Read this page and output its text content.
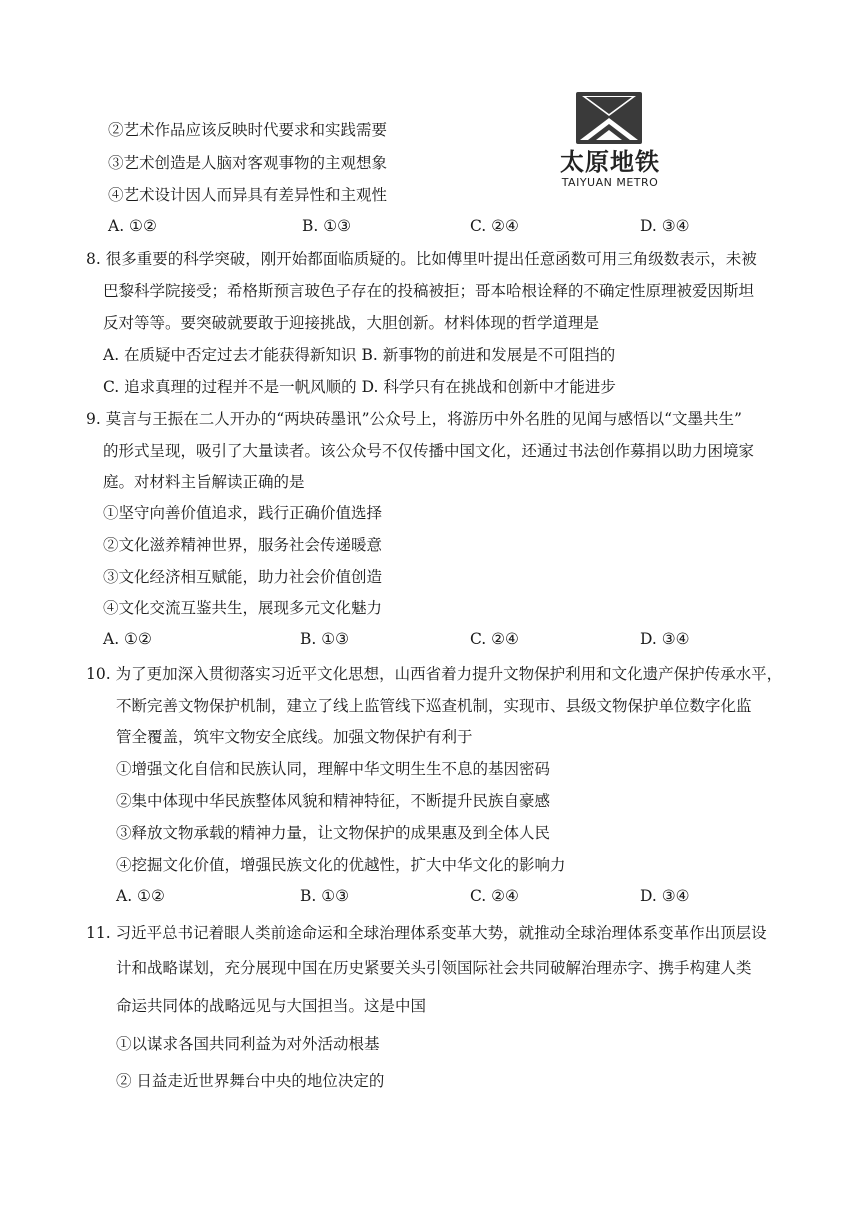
太原地铁
TAIYUAN METRO
②艺术作品应该反映时代要求和实践需要
③艺术创造是人脑对客观事物的主观想象
④艺术设计因人而异具有差异性和主观性
A. ①②	B. ①③	C. ②④	D. ③④
8. 很多重要的科学突破，刚开始都面临质疑的。比如傅里叶提出任意函数可用三角级数表示，未被
巴黎科学院接受；希格斯预言玻色子存在的投稿被拒；哥本哈根诠释的不确定性原理被爱因斯坦
反对等等。要突破就要敢于迎接挑战，大胆创新。材料体现的哲学道理是
A. 在质疑中否定过去才能获得新知识 B. 新事物的前进和发展是不可阻挡的
C. 追求真理的过程并不是一帆风顺的 D. 科学只有在挑战和创新中才能进步
9. 莫言与王振在二人开办的“两块砖墨讯”公众号上，将游历中外名胜的见闻与感悟以“文墨共生”
的形式呈现，吸引了大量读者。该公众号不仅传播中国文化，还通过书法创作募捐以助力困境家
庭。对材料主旨解读正确的是
①坚守向善价值追求，践行正确价值选择
②文化滋养精神世界，服务社会传递暖意
③文化经济相互赋能，助力社会价值创造
④文化交流互鉴共生，展现多元文化魅力
A. ①②	B. ①③	C. ②④	D. ③④
10. 为了更加深入贯彻落实习近平文化思想，山西省着力提升文物保护利用和文化遗产保护传承水平，
不断完善文物保护机制，建立了线上监管线下巡查机制，实现市、县级文物保护单位数字化监
管全覆盖，筑牢文物安全底线。加强文物保护有利于
①增强文化自信和民族认同，理解中华文明生生不息的基因密码
②集中体现中华民族整体风貌和精神特征，不断提升民族自豪感
③释放文物承载的精神力量，让文物保护的成果惠及到全体人民
④挖掘文化价值，增强民族文化的优越性，扩大中华文化的影响力
A. ①②	B. ①③	C. ②④	D. ③④
11. 习近平总书记着眼人类前途命运和全球治理体系变革大势，就推动全球治理体系变革作出顶层设
计和战略谋划，充分展现中国在历史紧要关头引领国际社会共同破解治理赤字、携手构建人类
命运共同体的战略远见与大国担当。这是中国
①以谋求各国共同利益为对外活动根基
② 日益走近世界舞台中央的地位决定的
